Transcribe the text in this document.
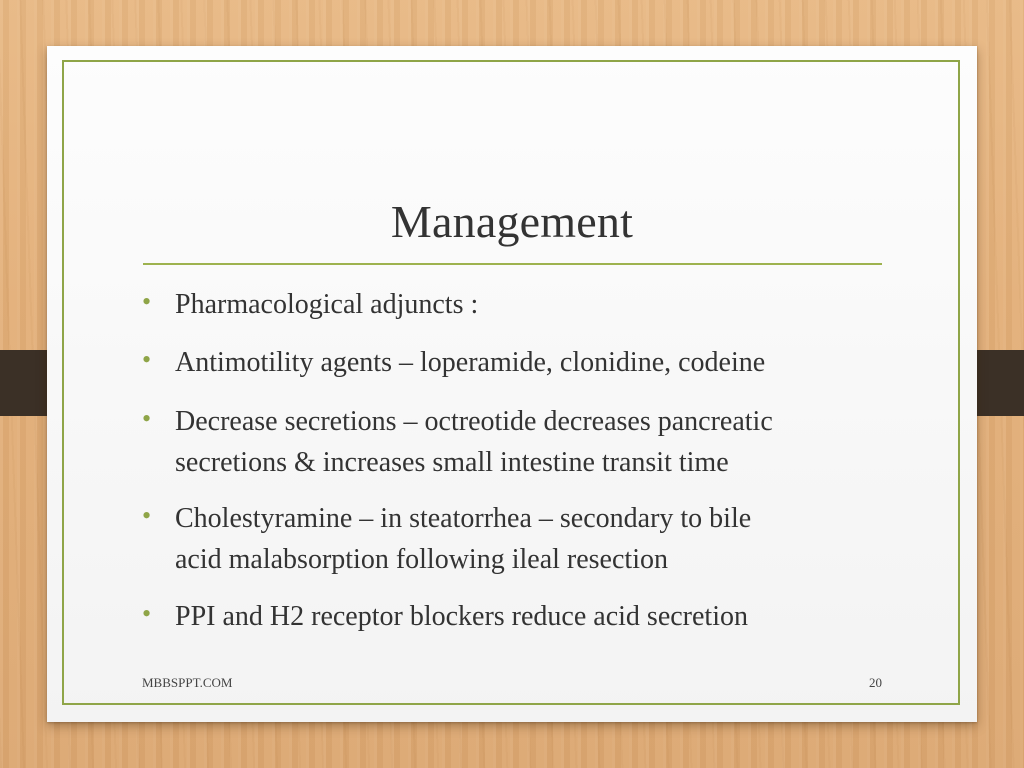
Management
• Pharmacological adjuncts :
• Antimotility agents – loperamide, clonidine, codeine
• Decrease secretions – octreotide decreases pancreatic
secretions & increases small intestine transit time
• Cholestyramine – in steatorrhea – secondary to bile
acid malabsorption following ileal resection
• PPI and H2 receptor blockers reduce acid secretion
MBBSPPT.COM	20
